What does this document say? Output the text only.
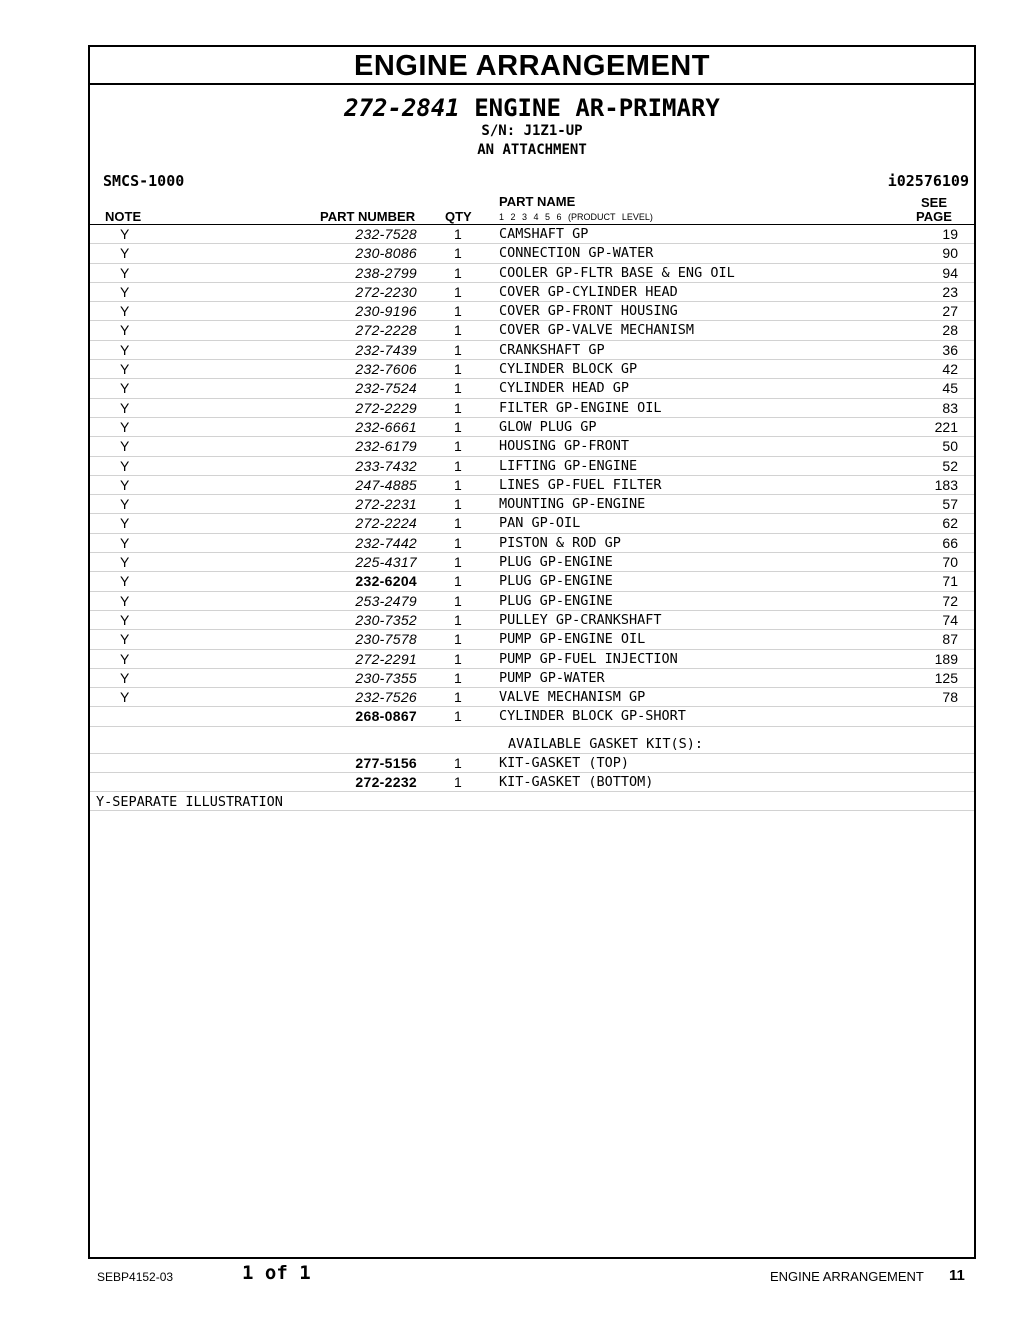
ENGINE ARRANGEMENT
272-2841 ENGINE AR-PRIMARY
S/N: J1Z1-UP
AN ATTACHMENT
SMCS-1000	i02576109
NOTE	PART NUMBER QTY
PART NAME
1 2 3 4 5 6 (PRODUCT LEVEL)
SEE
PAGE
Y	232-7528	1	CAMSHAFT GP	19
Y	230-8086	1	CONNECTION GP-WATER	90
Y	238-2799	1	COOLER GP-FLTR BASE & ENG OIL	94
Y	272-2230	1	COVER GP-CYLINDER HEAD	23
Y	230-9196	1	COVER GP-FRONT HOUSING	27
Y	272-2228	1	COVER GP-VALVE MECHANISM	28
Y	232-7439	1	CRANKSHAFT GP	36
Y	232-7606	1	CYLINDER BLOCK GP	42
Y	232-7524	1	CYLINDER HEAD GP	45
Y	272-2229	1	FILTER GP-ENGINE OIL	83
Y	232-6661	1	GLOW PLUG GP	221
Y	232-6179	1	HOUSING GP-FRONT	50
Y	233-7432	1	LIFTING GP-ENGINE	52
Y	247-4885	1	LINES GP-FUEL FILTER	183
Y	272-2231	1	MOUNTING GP-ENGINE	57
Y	272-2224	1	PAN GP-OIL	62
Y	232-7442	1	PISTON & ROD GP	66
Y	225-4317	1	PLUG GP-ENGINE	70
Y	232-6204	1	PLUG GP-ENGINE	71
Y	253-2479	1	PLUG GP-ENGINE	72
Y	230-7352	1	PULLEY GP-CRANKSHAFT	74
Y	230-7578	1	PUMP GP-ENGINE OIL	87
Y	272-2291	1	PUMP GP-FUEL INJECTION	189
Y	230-7355	1	PUMP GP-WATER	125
Y	232-7526	1	VALVE MECHANISM GP	78
268-0867	1	CYLINDER BLOCK GP-SHORT
AVAILABLE GASKET KIT(S):
277-5156	1	KIT-GASKET (TOP)
272-2232	1	KIT-GASKET (BOTTOM)
Y-SEPARATE ILLUSTRATION
SEBP4152-03	1 of 1	ENGINE ARRANGEMENT 11
